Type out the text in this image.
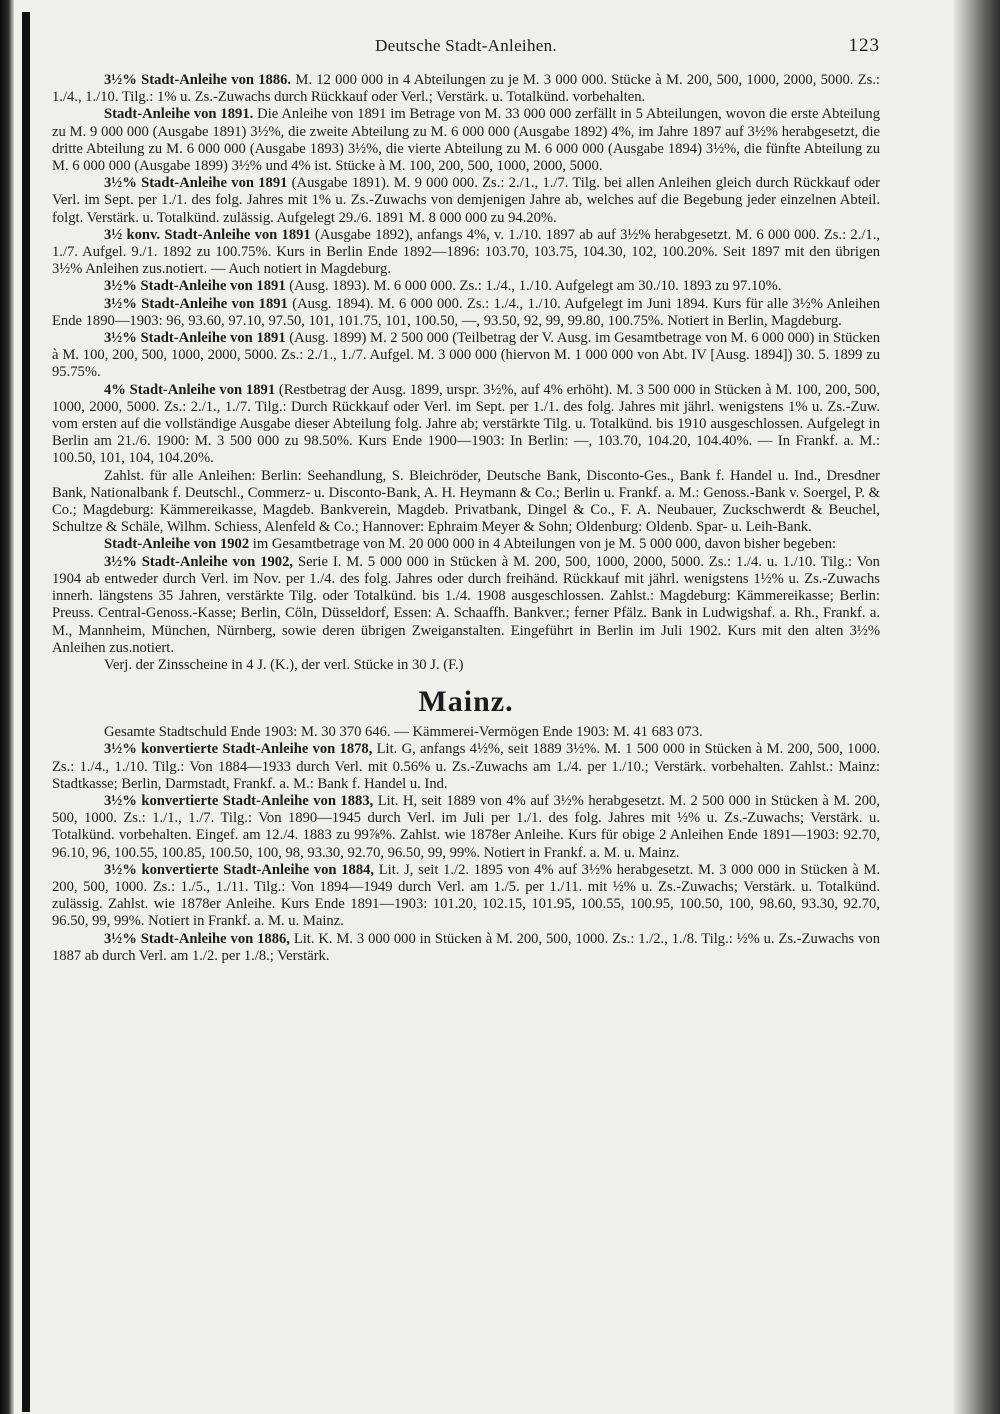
Deutsche Stadt-Anleihen.	123

3½% Stadt-Anleihe von 1886. M. 12 000 000 in 4 Abteilungen zu je M. 3 000 000. Stücke à M. 200, 500, 1000, 2000, 5000. Zs.: 1./4., 1./10. Tilg.: 1% u. Zs.-Zuwachs durch Rückkauf oder Verl.; Verstärk. u. Totalkünd. vorbehalten.

Stadt-Anleihe von 1891. Die Anleihe von 1891 im Betrage von M. 33 000 000 zerfällt in 5 Abteilungen, wovon die erste Abteilung zu M. 9 000 000 (Ausgabe 1891) 3½%, die zweite Abteilung zu M. 6 000 000 (Ausgabe 1892) 4%, im Jahre 1897 auf 3½% herabgesetzt, die dritte Abteilung zu M. 6 000 000 (Ausgabe 1893) 3½%, die vierte Abteilung zu M. 6 000 000 (Ausgabe 1894) 3½%, die fünfte Abteilung zu M. 6 000 000 (Ausgabe 1899) 3½% und 4% ist. Stücke à M. 100, 200, 500, 1000, 2000, 5000.

3½% Stadt-Anleihe von 1891 (Ausgabe 1891). M. 9 000 000. Zs.: 2./1., 1./7. Tilg. bei allen Anleihen gleich durch Rückkauf oder Verl. im Sept. per 1./1. des folg. Jahres mit 1% u. Zs.-Zuwachs von demjenigen Jahre ab, welches auf die Begebung jeder einzelnen Abteil. folgt. Verstärk. u. Totalkünd. zulässig. Aufgelegt 29./6. 1891 M. 8 000 000 zu 94.20%.

3½ konv. Stadt-Anleihe von 1891 (Ausgabe 1892), anfangs 4%, v. 1./10. 1897 ab auf 3½% herabgesetzt. M. 6 000 000. Zs.: 2./1., 1./7. Aufgel. 9./1. 1892 zu 100.75%. Kurs in Berlin Ende 1892—1896: 103.70, 103.75, 104.30, 102, 100.20%. Seit 1897 mit den übrigen 3½% Anleihen zus.notiert. — Auch notiert in Magdeburg.

3½% Stadt-Anleihe von 1891 (Ausg. 1893). M. 6 000 000. Zs.: 1./4., 1./10. Aufgelegt am 30./10. 1893 zu 97.10%.

3½% Stadt-Anleihe von 1891 (Ausg. 1894). M. 6 000 000. Zs.: 1./4., 1./10. Aufgelegt im Juni 1894. Kurs für alle 3½% Anleihen Ende 1890—1903: 96, 93.60, 97.10, 97.50, 101, 101.75, 101, 100.50, —, 93.50, 92, 99, 99.80, 100.75%. Notiert in Berlin, Magdeburg.

3½% Stadt-Anleihe von 1891 (Ausg. 1899) M. 2 500 000 (Teilbetrag der V. Ausg. im Gesamtbetrage von M. 6 000 000) in Stücken à M. 100, 200, 500, 1000, 2000, 5000. Zs.: 2./1., 1./7. Aufgel. M. 3 000 000 (hiervon M. 1 000 000 von Abt. IV [Ausg. 1894]) 30. 5. 1899 zu 95.75%.

4% Stadt-Anleihe von 1891 (Restbetrag der Ausg. 1899, urspr. 3½%, auf 4% erhöht). M. 3 500 000 in Stücken à M. 100, 200, 500, 1000, 2000, 5000. Zs.: 2./1., 1./7. Tilg.: Durch Rückkauf oder Verl. im Sept. per 1./1. des folg. Jahres mit jährl. wenigstens 1% u. Zs.-Zuw. vom ersten auf die vollständige Ausgabe dieser Abteilung folg. Jahre ab; verstärkte Tilg. u. Totalkünd. bis 1910 ausgeschlossen. Aufgelegt in Berlin am 21./6. 1900: M. 3 500 000 zu 98.50%. Kurs Ende 1900—1903: In Berlin: —, 103.70, 104.20, 104.40%. — In Frankf. a. M.: 100.50, 101, 104, 104.20%.

Zahlst. für alle Anleihen: Berlin: Seehandlung, S. Bleichröder, Deutsche Bank, Disconto-Ges., Bank f. Handel u. Ind., Dresdner Bank, Nationalbank f. Deutschl., Commerz- u. Disconto-Bank, A. H. Heymann & Co.; Berlin u. Frankf. a. M.: Genoss.-Bank v. Soergel, P. & Co.; Magdeburg: Kämmereikasse, Magdeb. Bankverein, Magdeb. Privatbank, Dingel & Co., F. A. Neubauer, Zuckschwerdt & Beuchel, Schultze & Schäle, Wilhm. Schiess, Alenfeld & Co.; Hannover: Ephraim Meyer & Sohn; Oldenburg: Oldenb. Spar- u. Leih-Bank.

Stadt-Anleihe von 1902 im Gesamtbetrage von M. 20 000 000 in 4 Abteilungen von je M. 5 000 000, davon bisher begeben:

3½% Stadt-Anleihe von 1902, Serie I. M. 5 000 000 in Stücken à M. 200, 500, 1000, 2000, 5000. Zs.: 1./4. u. 1./10. Tilg.: Von 1904 ab entweder durch Verl. im Nov. per 1./4. des folg. Jahres oder durch freihänd. Rückkauf mit jährl. wenigstens 1½% u. Zs.-Zuwachs innerh. längstens 35 Jahren, verstärkte Tilg. oder Totalkünd. bis 1./4. 1908 ausgeschlossen. Zahlst.: Magdeburg: Kämmereikasse; Berlin: Preuss. Central-Genoss.-Kasse; Berlin, Cöln, Düsseldorf, Essen: A. Schaaffh. Bankver.; ferner Pfälz. Bank in Ludwigshaf. a. Rh., Frankf. a. M., Mannheim, München, Nürnberg, sowie deren übrigen Zweiganstalten. Eingeführt in Berlin im Juli 1902. Kurs mit den alten 3½% Anleihen zus.notiert.

Verj. der Zinsscheine in 4 J. (K.), der verl. Stücke in 30 J. (F.)

Mainz.

Gesamte Stadtschuld Ende 1903: M. 30 370 646. — Kämmerei-Vermögen Ende 1903: M. 41 683 073.

3½% konvertierte Stadt-Anleihe von 1878, Lit. G, anfangs 4½%, seit 1889 3½%. M. 1 500 000 in Stücken à M. 200, 500, 1000. Zs.: 1./4., 1./10. Tilg.: Von 1884—1933 durch Verl. mit 0.56% u. Zs.-Zuwachs am 1./4. per 1./10.; Verstärk. vorbehalten. Zahlst.: Mainz: Stadtkasse; Berlin, Darmstadt, Frankf. a. M.: Bank f. Handel u. Ind.

3½% konvertierte Stadt-Anleihe von 1883, Lit. H, seit 1889 von 4% auf 3½% herabgesetzt. M. 2 500 000 in Stücken à M. 200, 500, 1000. Zs.: 1./1., 1./7. Tilg.: Von 1890—1945 durch Verl. im Juli per 1./1. des folg. Jahres mit ½% u. Zs.-Zuwachs; Verstärk. u. Totalkünd. vorbehalten. Eingef. am 12./4. 1883 zu 99⅞%. Zahlst. wie 1878er Anleihe. Kurs für obige 2 Anleihen Ende 1891—1903: 92.70, 96.10, 96, 100.55, 100.85, 100.50, 100, 98, 93.30, 92.70, 96.50, 99, 99%. Notiert in Frankf. a. M. u. Mainz.

3½% konvertierte Stadt-Anleihe von 1884, Lit. J, seit 1./2. 1895 von 4% auf 3½% herabgesetzt. M. 3 000 000 in Stücken à M. 200, 500, 1000. Zs.: 1./5., 1./11. Tilg.: Von 1894—1949 durch Verl. am 1./5. per 1./11. mit ½% u. Zs.-Zuwachs; Verstärk. u. Totalkünd. zulässig. Zahlst. wie 1878er Anleihe. Kurs Ende 1891—1903: 101.20, 102.15, 101.95, 100.55, 100.95, 100.50, 100, 98.60, 93.30, 92.70, 96.50, 99, 99%. Notiert in Frankf. a. M. u. Mainz.

3½% Stadt-Anleihe von 1886, Lit. K. M. 3 000 000 in Stücken à M. 200, 500, 1000. Zs.: 1./2., 1./8. Tilg.: ½% u. Zs.-Zuwachs von 1887 ab durch Verl. am 1./2. per 1./8.; Verstärk.
